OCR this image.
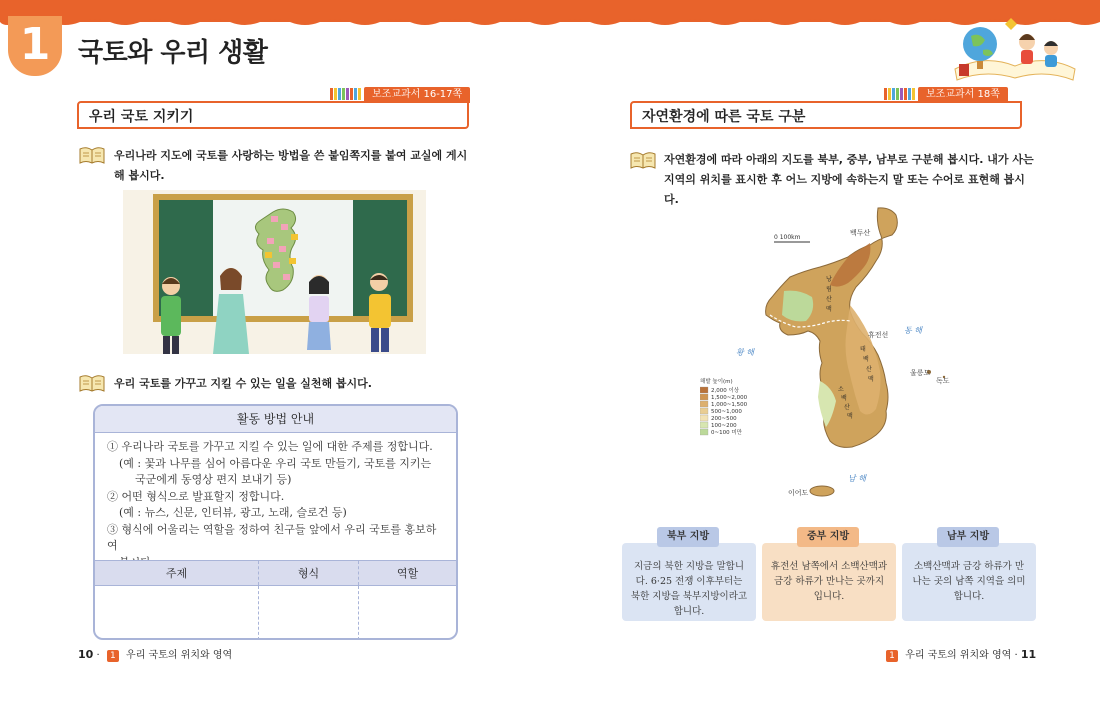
1	국토와 우리 생활
보조교과서 16-17쪽
우리 국토 지키기
우리나라 지도에 국토를 사랑하는 방법을 쓴 붙임쪽지를 붙여 교실에 게시해 봅시다.
우리 국토를 가꾸고 지킬 수 있는 일을 실천해 봅시다.
활동 방법 안내
① 우리나라 국토를 가꾸고 지킬 수 있는 일에 대한 주제를 정합니다.
(예 : 꽃과 나무를 심어 아름다운 우리 국토 만들기, 국토를 지키는
국군에게 동영상 편지 보내기 등)
② 어떤 형식으로 발표할지 정합니다.
(예 : 뉴스, 신문, 인터뷰, 광고, 노래, 슬로건 등)
③ 형식에 어울리는 역할을 정하여 친구들 앞에서 우리 국토를 홍보하여
주제	형식	역할
10 · 1 우리 국토의 위치와 영역
보조교과서 18쪽
자연환경에 따른 국토 구분
자연환경에 따라 아래의 지도를 북부, 중부, 남부로 구분해 봅시다. 내가 사는
지역의 위치를 표시한 후 어느 지방에 속하는지 말 또는 수어로 표현해 봅시다.
0 100km
백두산
휴전선
울릉도
독도
이어도
동 해
황 해
남 해
낭
림
산
맥
태
백
산
맥
소
백
산
맥
해발 높이(m)
2,000 이상
1,500~2,000
1,000~1,500
500~1,000
200~500
100~200
0~100 미만
지금의 북한 지방을 말합니다. 6·25 전쟁 이후부터는 북한 지방을 북부지방이라고 합니다.
북부 지방
휴전선 남쪽에서 소백산맥과 금강 하류가 만나는 곳까지입니다.
중부 지방
소백산맥과 금강 하류가 만나는 곳의 남쪽 지역을 의미합니다.
남부 지방
1 우리 국토의 위치와 영역 · 11
